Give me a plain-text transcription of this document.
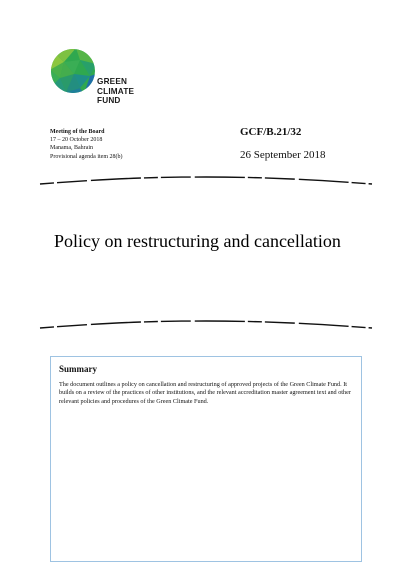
GREEN
CLIMATE
FUND
Meeting of the Board
17 – 20 October 2018
Manama, Bahrain
Provisional agenda item 28(b)
GCF/B.21/32
26 September 2018
Policy on restructuring and cancellation
Summary
The document outlines a policy on cancellation and restructuring of approved projects of the Green Climate Fund. It builds on a review of the practices of other institutions, and the relevant accreditation master agreement text and other relevant policies and procedures of the Green Climate Fund.
